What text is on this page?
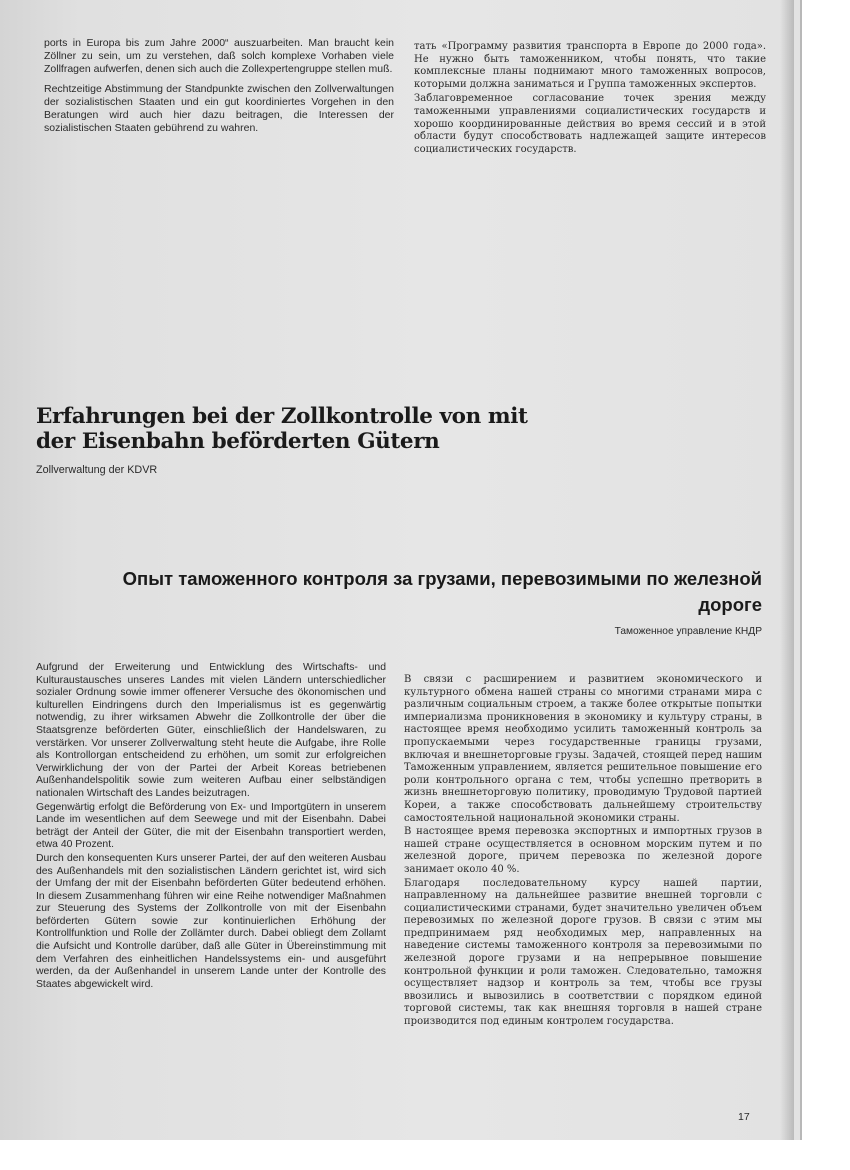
ports in Europa bis zum Jahre 2000“ auszuarbeiten. Man braucht kein Zöllner zu sein, um zu verstehen, daß solch komplexe Vorhaben viele Zollfragen aufwerfen, denen sich auch die Zollexpertengruppe stellen muß.

Rechtzeitige Abstimmung der Standpunkte zwischen den Zollverwaltungen der sozialistischen Staaten und ein gut koordiniertes Vorgehen in den Beratungen wird auch hier dazu beitragen, die Interessen der sozialistischen Staaten gebührend zu wahren.

тать «Программу развития транспорта в Европе до 2000 года». Не нужно быть таможенником, чтобы понять, что такие комплексные планы поднимают много таможенных вопросов, которыми должна заниматься и Группа таможенных экспертов.

Заблаговременное согласование точек зрения между таможенными управлениями социалистических государств и хорошо координированные действия во время сессий и в этой области будут способствовать надлежащей защите интересов социалистических государств.

Erfahrungen bei der Zollkontrolle von mit der Eisenbahn beförderten Gütern
Zollverwaltung der KDVR
Опыт таможенного контроля за грузами, перевозимыми по железной дороге
Таможенное управление КНДР

Aufgrund der Erweiterung und Entwicklung des Wirtschafts- und Kulturaustausches unseres Landes mit vielen Ländern unterschiedlicher sozialer Ordnung sowie immer offenerer Versuche des ökonomischen und kulturellen Eindringens durch den Imperialismus ist es gegenwärtig notwendig, zu ihrer wirksamen Abwehr die Zollkontrolle der über die Staatsgrenze beförderten Güter, einschließlich der Handelswaren, zu verstärken. Vor unserer Zollverwaltung steht heute die Aufgabe, ihre Rolle als Kontrollorgan entscheidend zu erhöhen, um somit zur erfolgreichen Verwirklichung der von der Partei der Arbeit Koreas betriebenen Außenhandelspolitik sowie zum weiteren Aufbau einer selbständigen nationalen Wirtschaft des Landes beizutragen.

Gegenwärtig erfolgt die Beförderung von Ex- und Importgütern in unserem Lande im wesentlichen auf dem Seewege und mit der Eisenbahn. Dabei beträgt der Anteil der Güter, die mit der Eisenbahn transportiert werden, etwa 40 Prozent.

Durch den konsequenten Kurs unserer Partei, der auf den weiteren Ausbau des Außenhandels mit den sozialistischen Ländern gerichtet ist, wird sich der Umfang der mit der Eisenbahn beförderten Güter bedeutend erhöhen. In diesem Zusammenhang führen wir eine Reihe notwendiger Maßnahmen zur Steuerung des Systems der Zollkontrolle von mit der Eisenbahn beförderten Gütern sowie zur kontinuierlichen Erhöhung der Kontrollfunktion und Rolle der Zollämter durch. Dabei obliegt dem Zollamt die Aufsicht und Kontrolle darüber, daß alle Güter in Übereinstimmung mit dem Verfahren des einheitlichen Handelssystems ein- und ausgeführt werden, da der Außenhandel in unserem Lande unter der Kontrolle des Staates abgewickelt wird.

В связи с расширением и развитием экономического и культурного обмена нашей страны со многими странами мира с различным социальным строем, а также более открытые попытки империализма проникновения в экономику и культуру страны, в настоящее время необходимо усилить таможенный контроль за пропускаемыми через государственные границы грузами, включая и внешнеторговые грузы. Задачей, стоящей перед нашим Таможенным управлением, является решительное повышение его роли контрольного органа с тем, чтобы успешно претворить в жизнь внешнеторговую политику, проводимую Трудовой партией Кореи, а также способствовать дальнейшему строительству самостоятельной национальной экономики страны.

В настоящее время перевозка экспортных и импортных грузов в нашей стране осуществляется в основном морским путем и по железной дороге, причем перевозка по железной дороге занимает около 40 %.

Благодаря последовательному курсу нашей партии, направленному на дальнейшее развитие внешней торговли с социалистическими странами, будет значительно увеличен объем перевозимых по железной дороге грузов. В связи с этим мы предпринимаем ряд необходимых мер, направленных на наведение системы таможенного контроля за перевозимыми по железной дороге грузами и на непрерывное повышение контрольной функции и роли таможен. Следовательно, таможня осуществляет надзор и контроль за тем, чтобы все грузы ввозились и вывозились в соответствии с порядком единой торговой системы, так как внешняя торговля в нашей стране производится под единым контролем государства.

17
